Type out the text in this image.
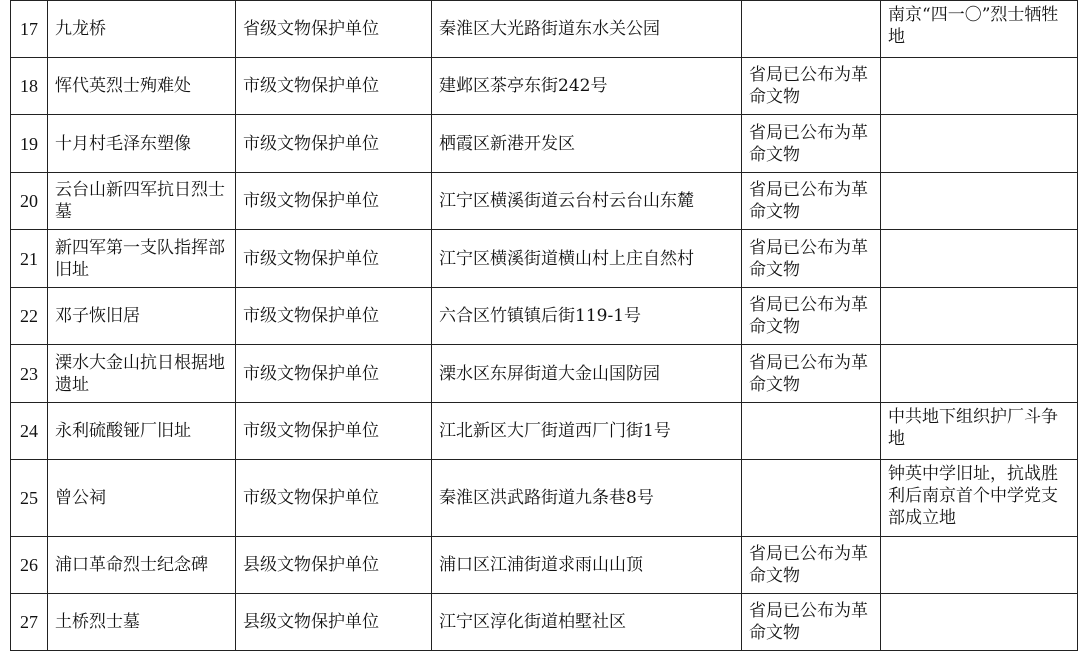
17	九龙桥	省级文物保护单位	秦淮区大光路街道东水关公园		南京“四一〇”烈士牺牲地
18	恽代英烈士殉难处	市级文物保护单位	建邺区茶亭东街242号	省局已公布为革命文物	
19	十月村毛泽东塑像	市级文物保护单位	栖霞区新港开发区	省局已公布为革命文物	
20	云台山新四军抗日烈士墓	市级文物保护单位	江宁区横溪街道云台村云台山东麓	省局已公布为革命文物	
21	新四军第一支队指挥部旧址	市级文物保护单位	江宁区横溪街道横山村上庄自然村	省局已公布为革命文物	
22	邓子恢旧居	市级文物保护单位	六合区竹镇镇后街119-1号	省局已公布为革命文物	
23	溧水大金山抗日根据地遗址	市级文物保护单位	溧水区东屏街道大金山国防园	省局已公布为革命文物	
24	永利硫酸铔厂旧址	市级文物保护单位	江北新区大厂街道西厂门街1号		中共地下组织护厂斗争地
25	曾公祠	市级文物保护单位	秦淮区洪武路街道九条巷8号		钟英中学旧址，抗战胜利后南京首个中学党支部成立地
26	浦口革命烈士纪念碑	县级文物保护单位	浦口区江浦街道求雨山山顶	省局已公布为革命文物	
27	土桥烈士墓	县级文物保护单位	江宁区淳化街道柏墅社区	省局已公布为革命文物	
